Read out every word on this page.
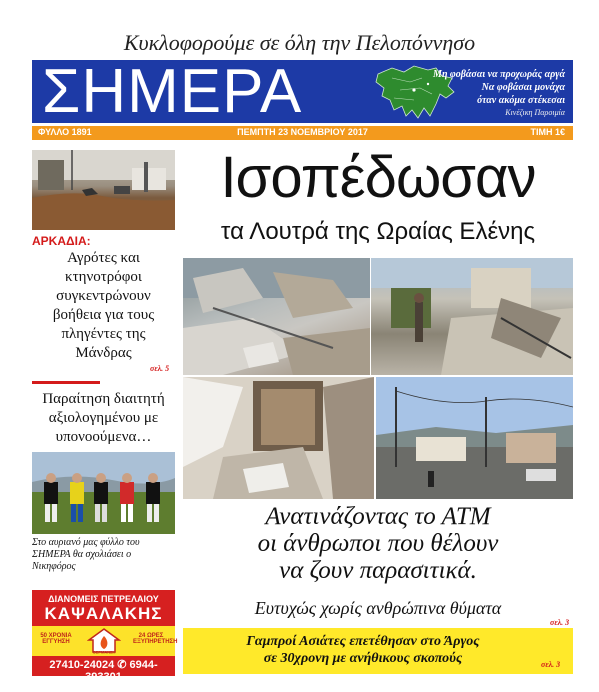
Κυκλοφορούμε σε όλη την Πελοπόννησο
ΣΗΜΕΡΑ	Μη φοβάσαι να προχωράς αργά
Να φοβάσαι μονάχα
όταν ακόμα στέκεσαι
Κινέζικη Παροιμία
ΦΥΛΛΟ 1891	ΠΕΜΠΤΗ 23 ΝΟΕΜΒΡΙΟΥ 2017	ΤΙΜΗ 1€
ΑΡΚΑΔΙΑ:
Αγρότες και κτηνοτρόφοι συγκεντρώνουν βοήθεια για τους πληγέντες της Μάνδρας
σελ. 5
Παραίτηση διαιτητή αξιολογημένου με υπονοούμενα…
Στο αυριανό μας φύλλο του ΣΗΜΕΡΑ θα σχολιάσει ο Νικηφόρος
ΔΙΑΝΟΜΕΙΣ ΠΕΤΡΕΛΑΙΟΥ
ΚΑΨΑΛΑΚΗΣ
50 ΧΡΟΝΙΑ ΕΓΓΥΗΣΗ
ΘΕΡΜΑΝΣΗ
24 ΩΡΕΣ ΕΞΥΠΗΡΕΤΗΣΗ
27410-24024 ✆ 6944-393301
Ισοπέδωσαν
τα Λουτρά της Ωραίας Ελένης
Ανατινάζοντας το ΑΤΜ
οι άνθρωποι που θέλουν
να ζουν παρασιτικά.
Ευτυχώς χωρίς ανθρώπινα θύματα
σελ. 3
Γαμπροί Ασιάτες επετέθησαν στο Άργος
σε 30χρονη με ανήθικους σκοπούς	σελ. 3
